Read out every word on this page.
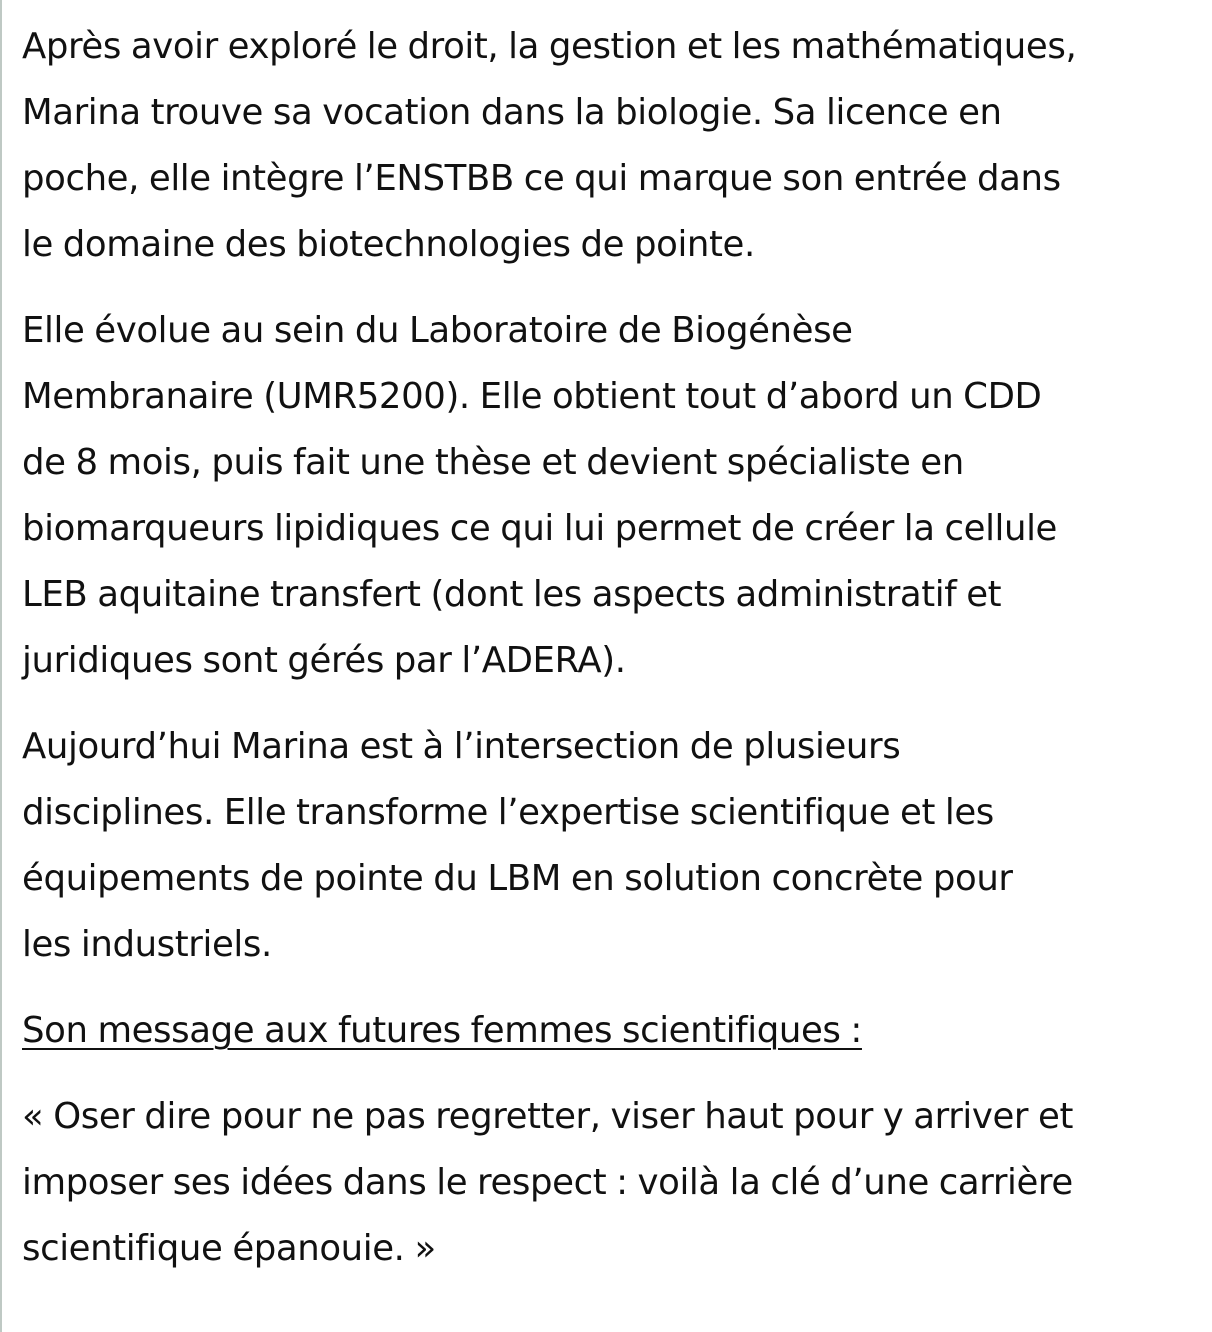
Après avoir exploré le droit, la gestion et les mathématiques,
Marina trouve sa vocation dans la biologie. Sa licence en
poche, elle intègre l’ENSTBB ce qui marque son entrée dans
le domaine des biotechnologies de pointe.
Elle évolue au sein du Laboratoire de Biogénèse
Membranaire (UMR5200). Elle obtient tout d’abord un CDD
de 8 mois, puis fait une thèse et devient spécialiste en
biomarqueurs lipidiques ce qui lui permet de créer la cellule
LEB aquitaine transfert (dont les aspects administratif et
juridiques sont gérés par l’ADERA).
Aujourd’hui Marina est à l’intersection de plusieurs
disciplines. Elle transforme l’expertise scientifique et les
équipements de pointe du LBM en solution concrète pour
les industriels.
Son message aux futures femmes scientifiques :
« Oser dire pour ne pas regretter, viser haut pour y arriver et
imposer ses idées dans le respect : voilà la clé d’une carrière
scientifique épanouie. »
